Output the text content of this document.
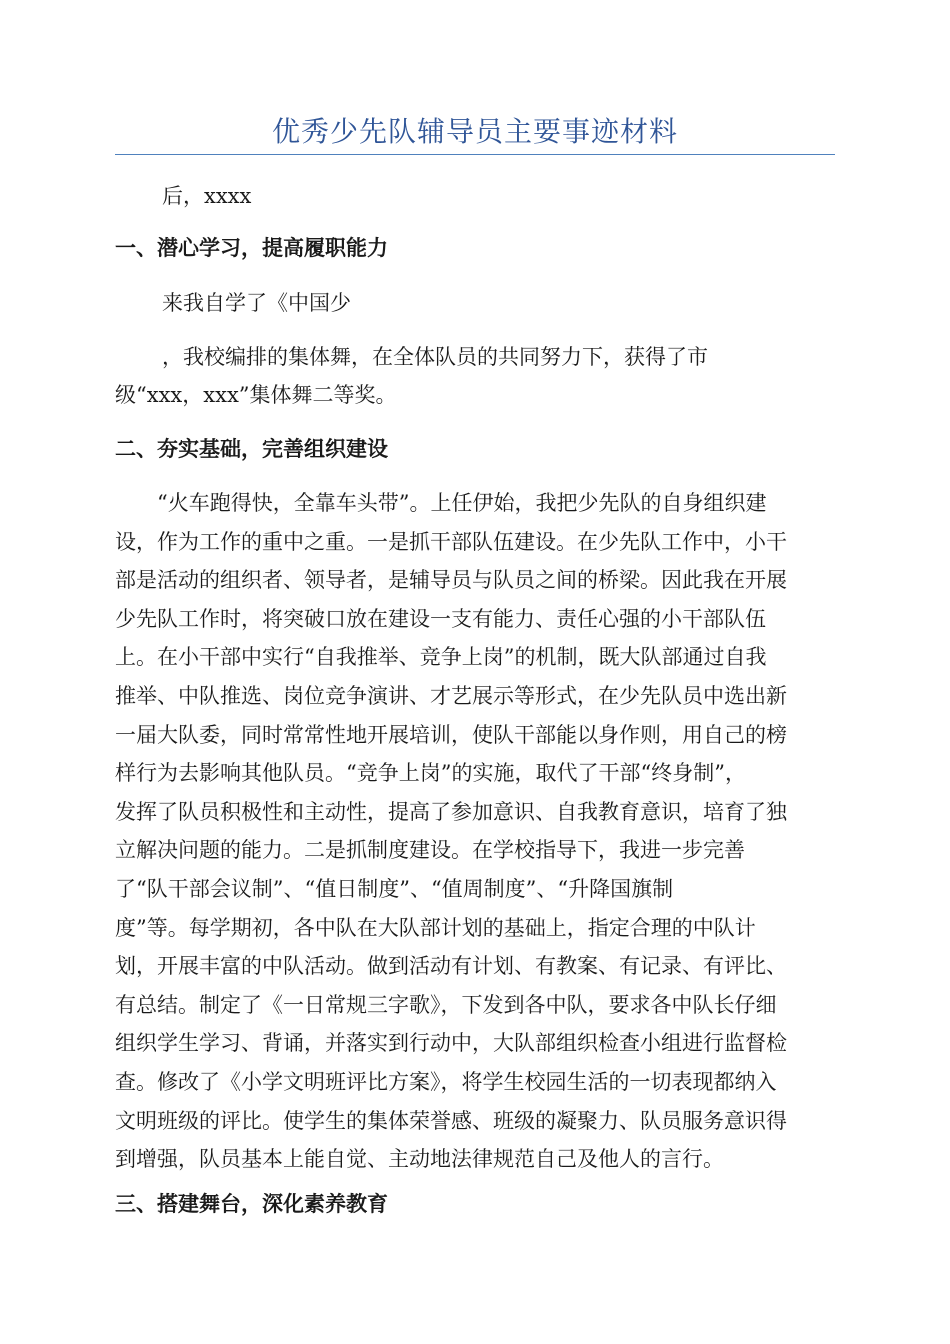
优秀少先队辅导员主要事迹材料
后，xxxx
一、潜心学习，提高履职能力
来我自学了《中国少
，我校编排的集体舞，在全体队员的共同努力下，获得了市
级“xxx，xxx”集体舞二等奖。
二、夯实基础，完善组织建设
　　“火车跑得快，全靠车头带”。上任伊始，我把少先队的自身组织建
设，作为工作的重中之重。一是抓干部队伍建设。在少先队工作中，小干
部是活动的组织者、领导者，是辅导员与队员之间的桥梁。因此我在开展
少先队工作时，将突破口放在建设一支有能力、责任心强的小干部队伍
上。在小干部中实行“自我推举、竞争上岗”的机制，既大队部通过自我
推举、中队推选、岗位竞争演讲、才艺展示等形式，在少先队员中选出新
一届大队委，同时常常性地开展培训，使队干部能以身作则，用自己的榜
样行为去影响其他队员。“竞争上岗”的实施，取代了干部“终身制”，
发挥了队员积极性和主动性，提高了参加意识、自我教育意识，培育了独
立解决问题的能力。二是抓制度建设。在学校指导下，我进一步完善
了“队干部会议制”、“值日制度”、“值周制度”、“升降国旗制
度”等。每学期初，各中队在大队部计划的基础上，指定合理的中队计
划，开展丰富的中队活动。做到活动有计划、有教案、有记录、有评比、
有总结。制定了《一日常规三字歌》，下发到各中队，要求各中队长仔细
组织学生学习、背诵，并落实到行动中，大队部组织检查小组进行监督检
查。修改了《小学文明班评比方案》，将学生校园生活的一切表现都纳入
文明班级的评比。使学生的集体荣誉感、班级的凝聚力、队员服务意识得
到增强，队员基本上能自觉、主动地法律规范自己及他人的言行。
三、搭建舞台，深化素养教育
